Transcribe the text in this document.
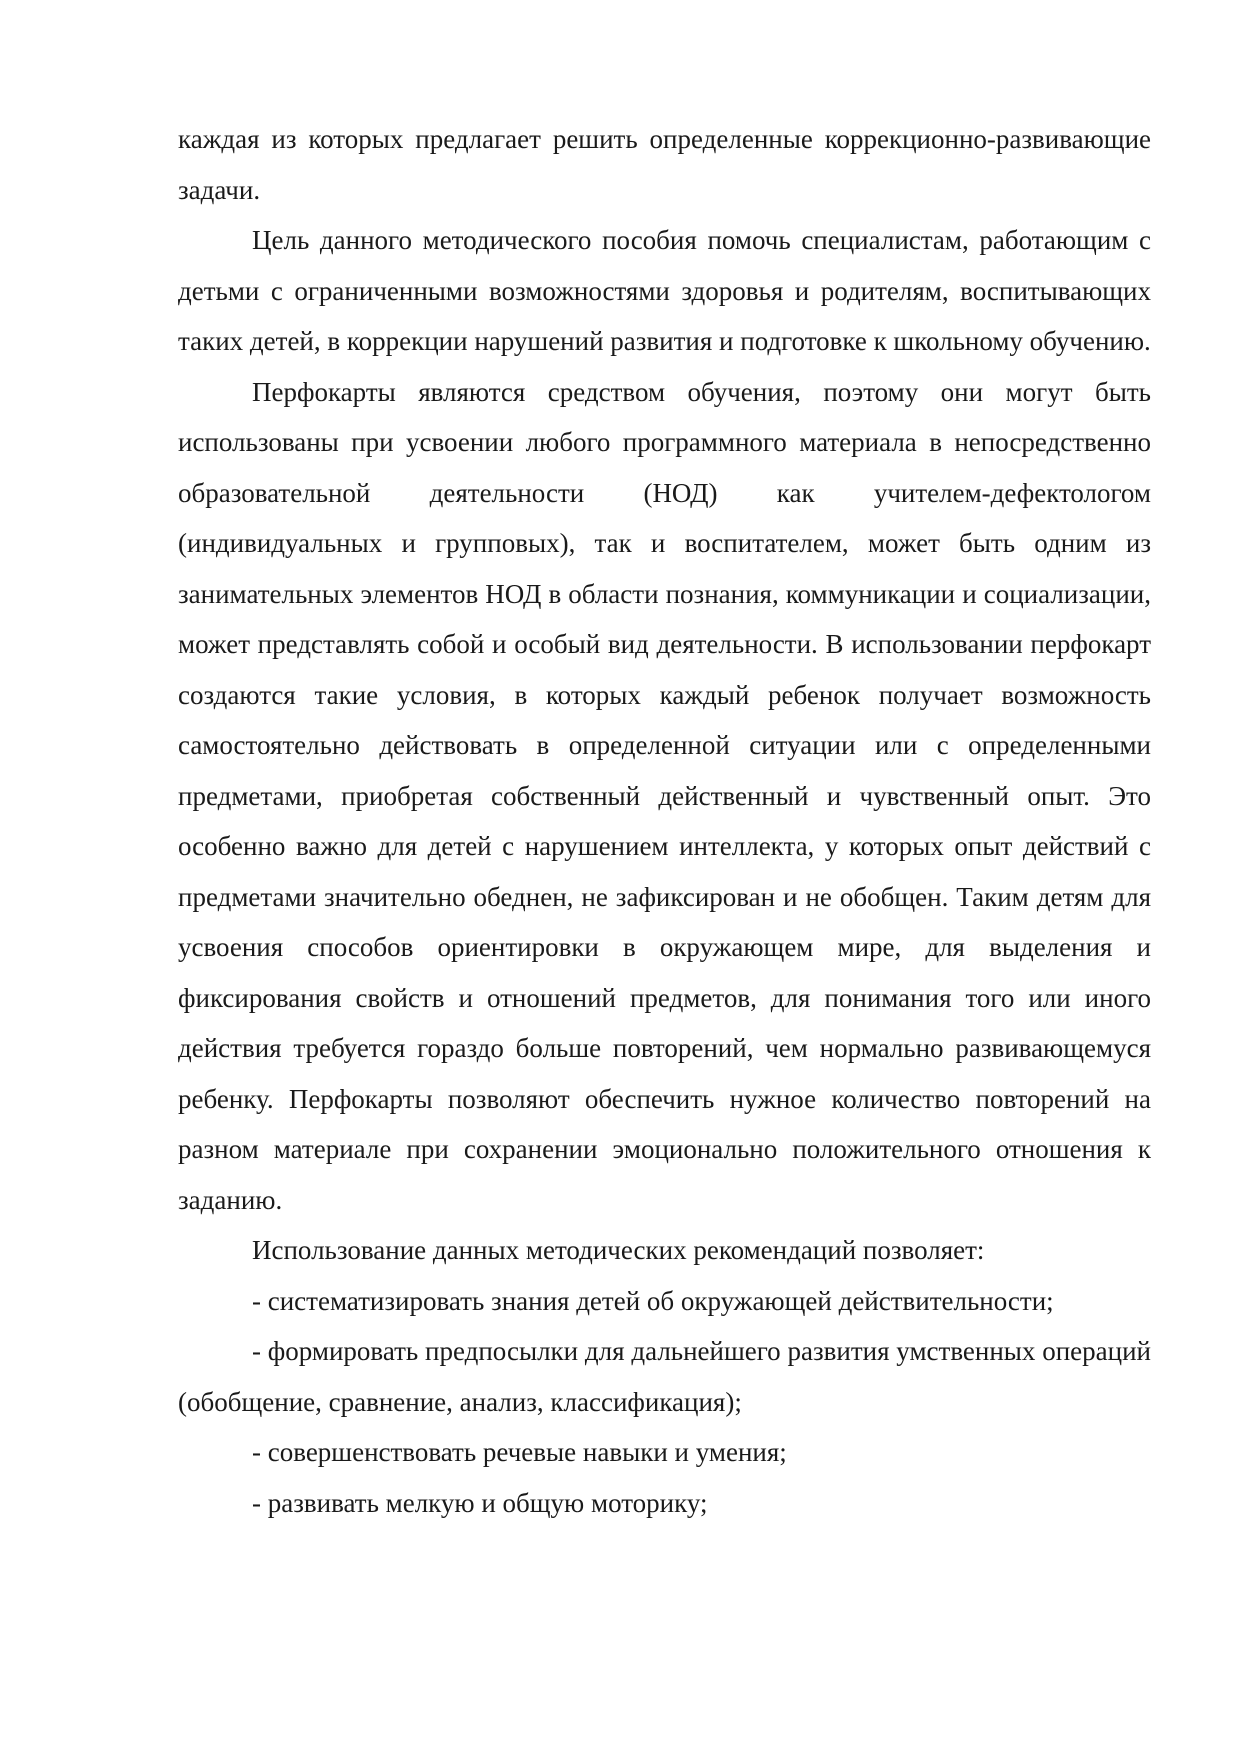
каждая из которых предлагает решить определенные коррекционно-развивающие задачи.

Цель данного методического пособия помочь специалистам, работающим с детьми с ограниченными возможностями здоровья и родителям, воспитывающих таких детей, в коррекции нарушений развития и подготовке к школьному обучению.

Перфокарты являются средством обучения, поэтому они могут быть использованы при усвоении любого программного материала в непосредственно образовательной деятельности (НОД) как учителем-дефектологом (индивидуальных и групповых), так и воспитателем, может быть одним из занимательных элементов НОД в области познания, коммуникации и социализации, может представлять собой и особый вид деятельности. В использовании перфокарт создаются такие условия, в которых каждый ребенок получает возможность самостоятельно действовать в определенной ситуации или с определенными предметами, приобретая собственный действенный и чувственный опыт. Это особенно важно для детей с нарушением интеллекта, у которых опыт действий с предметами значительно обеднен, не зафиксирован и не обобщен. Таким детям для усвоения способов ориентировки в окружающем мире, для выделения и фиксирования свойств и отношений предметов, для понимания того или иного действия требуется гораздо больше повторений, чем нормально развивающемуся ребенку. Перфокарты позволяют обеспечить нужное количество повторений на разном материале при сохранении эмоционально положительного отношения к заданию.

Использование данных методических рекомендаций позволяет:

- систематизировать знания детей об окружающей действительности;

- формировать предпосылки для дальнейшего развития умственных операций (обобщение, сравнение, анализ, классификация);

- совершенствовать речевые навыки и умения;

- развивать мелкую и общую моторику;
